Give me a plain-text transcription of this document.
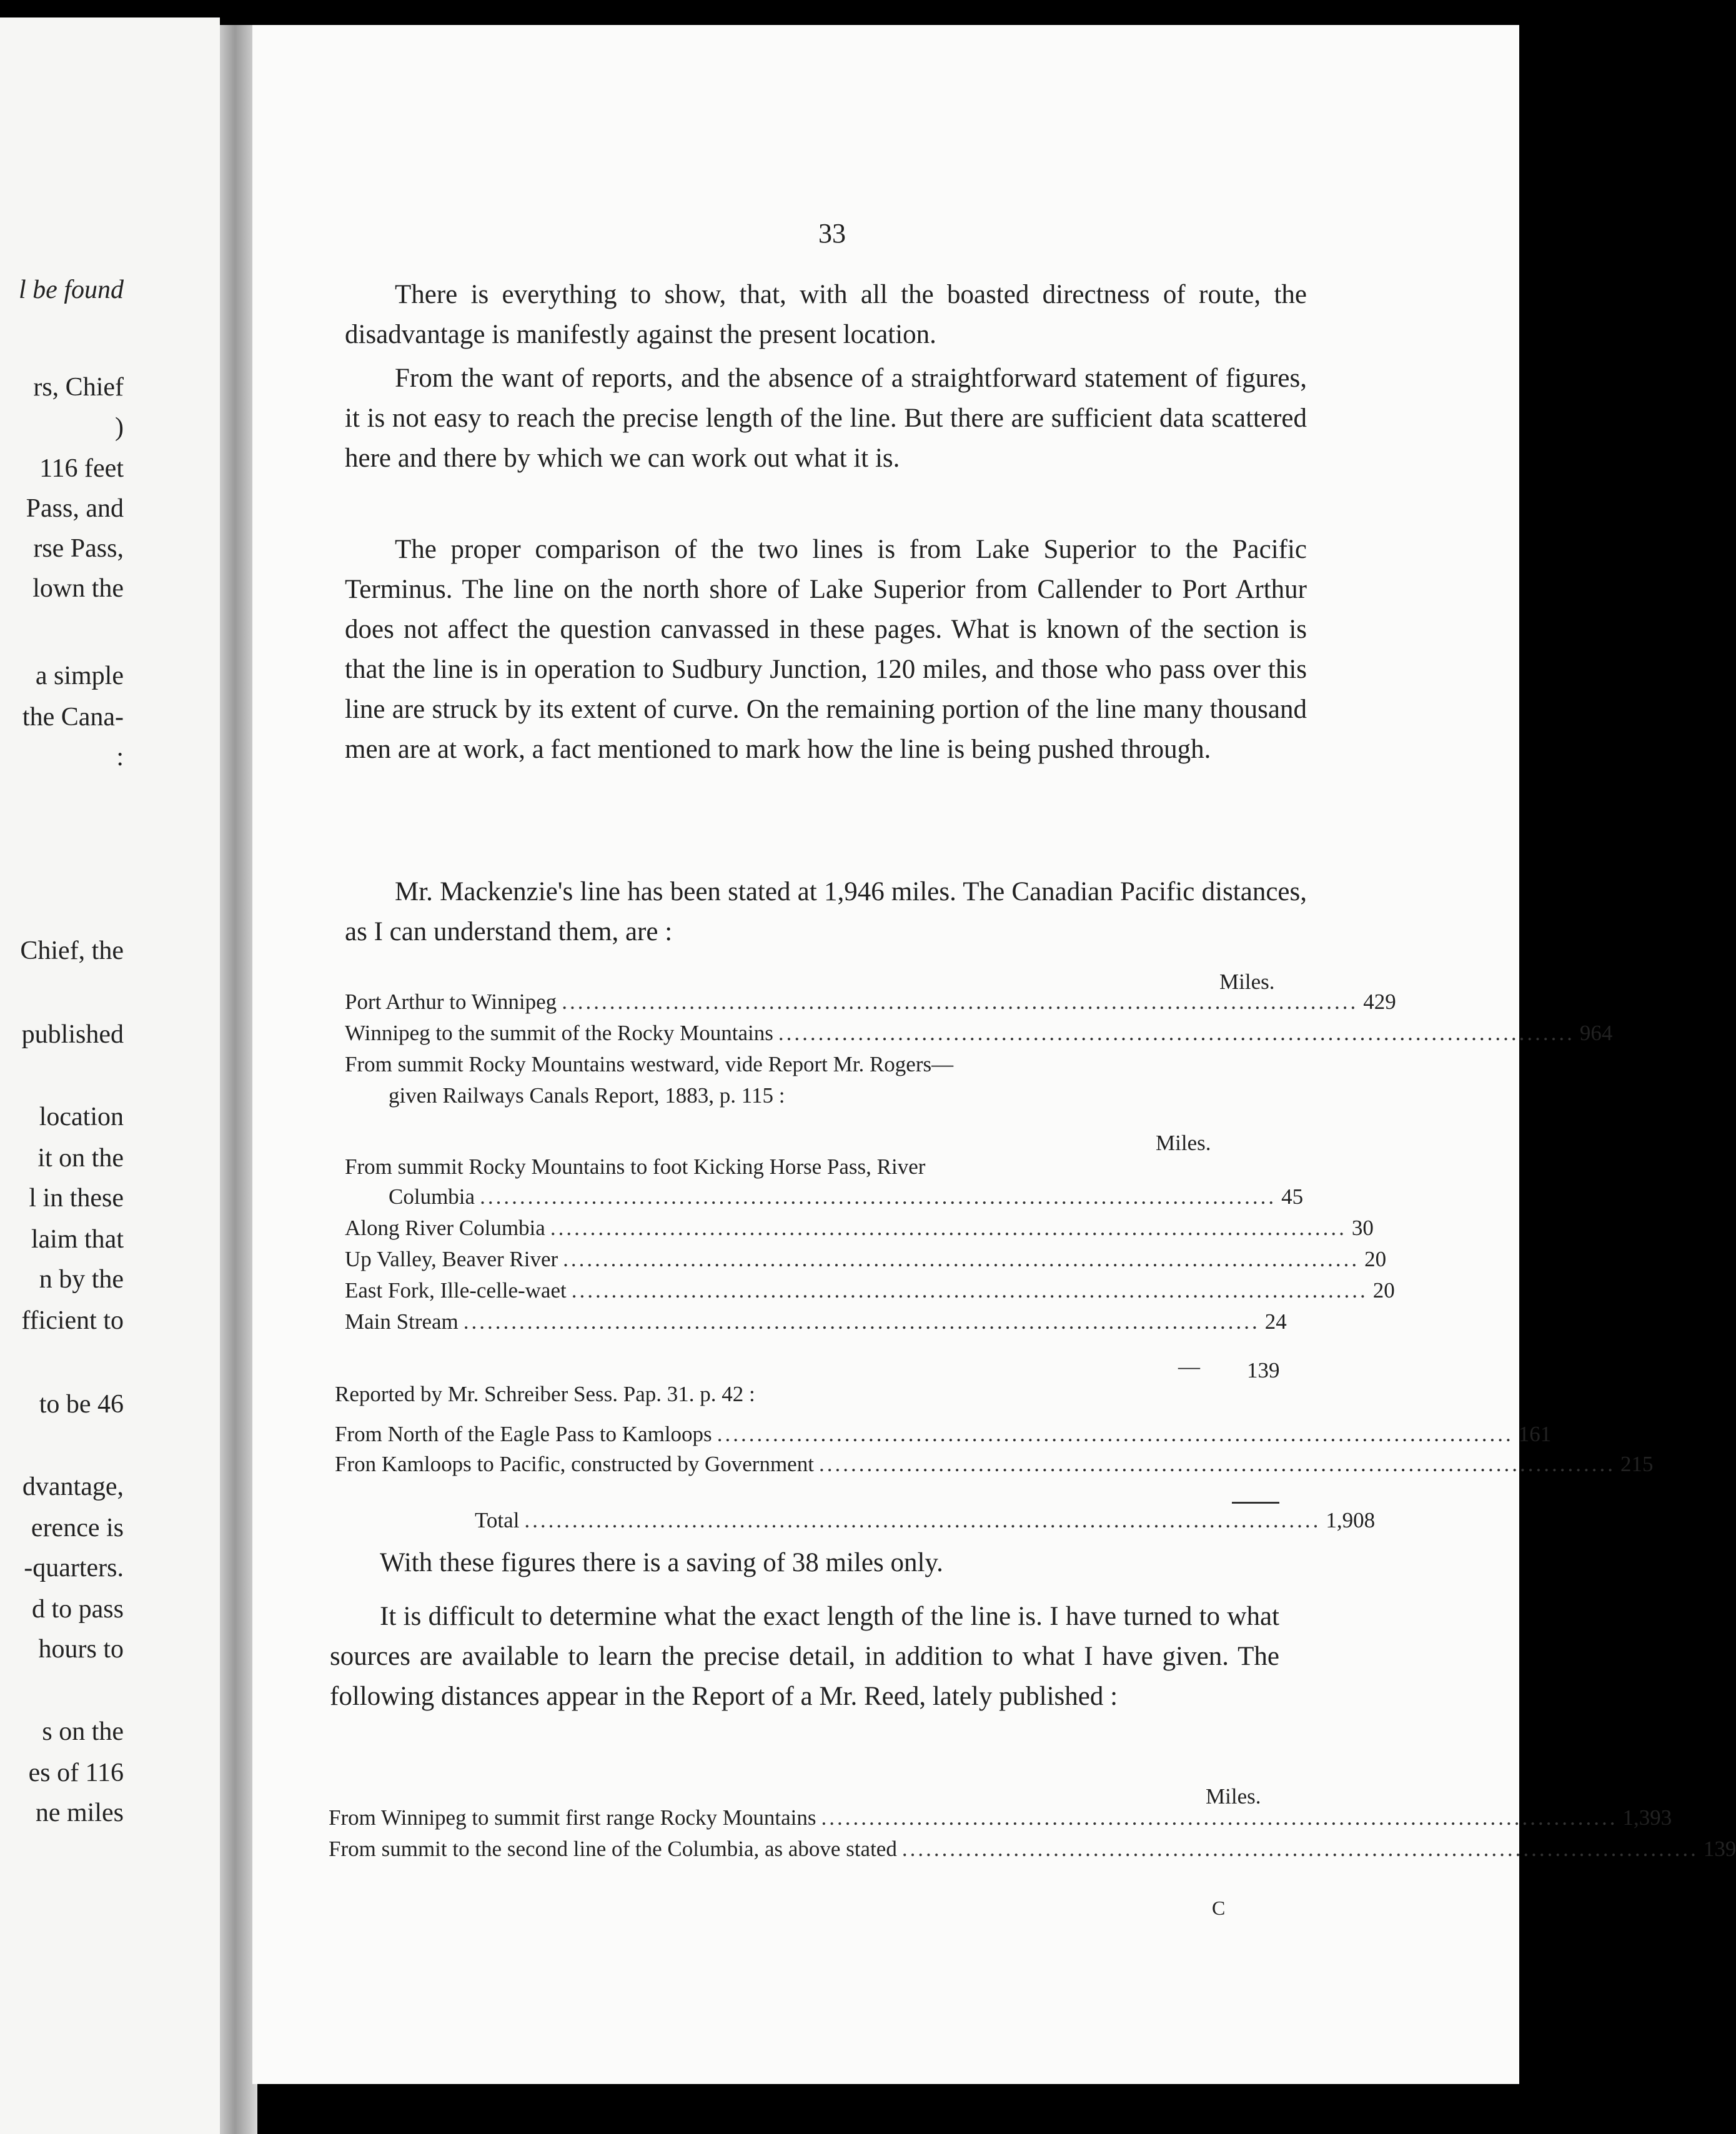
l be found
rs, Chief
)
116 feet
Pass, and
rse Pass,
lown the
a simple
the Cana-
:
Chief, the
published
location
it on the
l in these
laim that
n by the
fficient to
to be 46
dvantage,
erence is
-quarters.
d to pass
hours to
s on the
es of 116
ne miles
33
There is everything to show, that, with all the boasted directness of route, the disadvantage is manifestly against the present location.
From the want of reports, and the absence of a straightforward statement of figures, it is not easy to reach the precise length of the line. But there are sufficient data scattered here and there by which we can work out what it is.
The proper comparison of the two lines is from Lake Superior to the Pacific Terminus. The line on the north shore of Lake Superior from Callender to Port Arthur does not affect the question canvassed in these pages. What is known of the section is that the line is in operation to Sudbury Junction, 120 miles, and those who pass over this line are struck by its extent of curve. On the remaining portion of the line many thousand men are at work, a fact mentioned to mark how the line is being pushed through.
Mr. Mackenzie's line has been stated at 1,946 miles. The Canadian Pacific distances, as I can understand them, are :
Miles.
Port Arthur to Winnipeg .................................................................................................... 429
Winnipeg to the summit of the Rocky Mountains .................................................................................................... 964
From summit Rocky Mountains westward, vide Report Mr. Rogers—
given Railways Canals Report, 1883, p. 115 :
Miles.
From summit Rocky Mountains to foot Kicking Horse Pass, River
Columbia .................................................................................................... 45
Along River Columbia .................................................................................................... 30
Up Valley, Beaver River .................................................................................................... 20
East Fork, Ille-celle-waet .................................................................................................... 20
Main Stream .................................................................................................... 24
— 139
Reported by Mr. Schreiber Sess. Pap. 31. p. 42 :
From North of the Eagle Pass to Kamloops .................................................................................................... 161
Fron Kamloops to Pacific, constructed by Government .................................................................................................... 215
Total .................................................................................................... 1,908
With these figures there is a saving of 38 miles only.
It is difficult to determine what the exact length of the line is. I have turned to what sources are available to learn the precise detail, in addition to what I have given. The following distances appear in the Report of a Mr. Reed, lately published :
Miles.
From Winnipeg to summit first range Rocky Mountains .................................................................................................... 1,393
From summit to the second line of the Columbia, as above stated .................................................................................................... 139
C
